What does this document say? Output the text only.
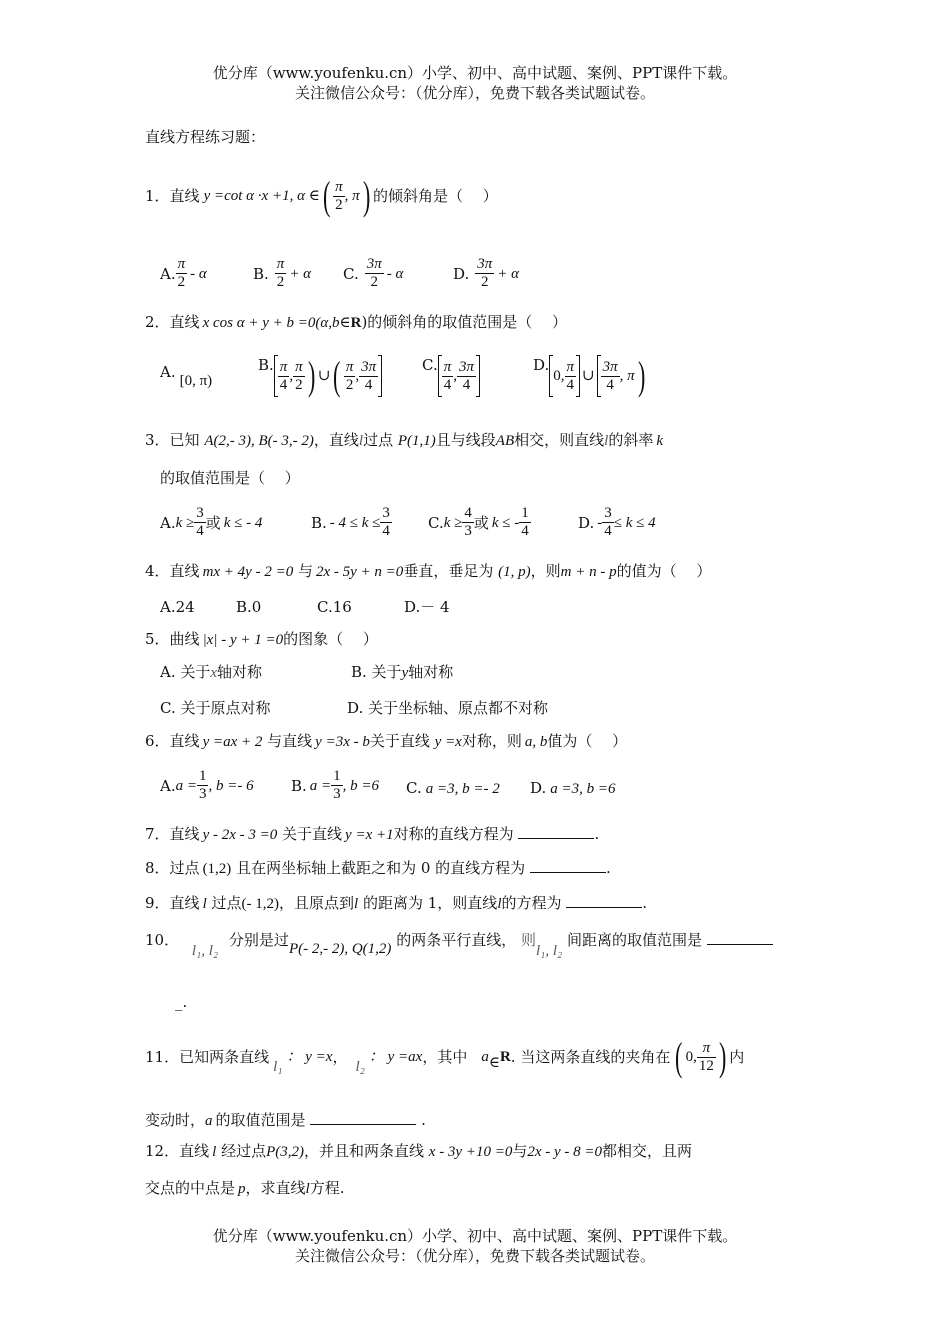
优分库（www.youfenku.cn）小学、初中、高中试题、案例、PPT课件下载。
关注微信公众号：（优分库），免费下载各类试题试卷。
直线方程练习题：
1． 直线 y =cot α ·x +1, α ∈ ( $\frac{\pi}{2}$ , π ) 的倾斜角是（　 ）
A. $\frac{\pi}{2}$ - α	B. $\frac{\pi}{2} + \alpha$ C. $\frac{3\pi}{2}$ - α	D. $\frac{3\pi}{2} + \alpha$
2．直线 x cos α + y + b =0(α,b∈R)的倾斜角的取值范围是（　 ）
A. [0, π)
B. $\frac{\pi}{4}$ , $\frac{\pi}{2}$ ) ∪ ( $\frac{\pi}{2}$ , $\frac{3\pi}{4}$	C. $\frac{\pi}{4}$ , $\frac{3\pi}{4}$	D.
0, $\frac{\pi}{4}$ ∪ $\frac{3\pi}{4}$ , π )
3．已知 A(2,- 3), B(- 3,- 2)，直线l过点 P(1,1)且与线段AB相交，则直线l的斜率 k
的取值范围是（　 ）
A. $k \ge \frac{3}{4}$ 或 k ≤ - 4	B. - $4 \le k \le \frac{3}{4} C$. $k \ge \frac{4}{3}$ 或 k ≤ - $\frac{1}{4}$	D. - $\frac{3}{4} \le k \le 4$
4．直线 mx + 4y - 2 =0 与 2x - 5y + n =0垂直，垂足为 (1, p)，则m + n - p的值为（　 ）
A.24	B.0	C.16	D.－ 4
5．曲线 |x| - y + 1 =0的图象（　 ）
A. 关于x轴对称	B. 关于y轴对称
C. 关于原点对称	D. 关于坐标轴、原点都不对称
6．直线 y =ax + 2 与直线 y =3x - b关于直线 y =x对称，则 a, b值为（　 ）
A. $a = \frac{1}{3}$ , b =- 6 B. $a = \frac{1}{3}$ , b =6 C. a =3, b =- 2 D. a =3, b =6
7．直线 y - 2x - 3 =0 关于直线 y =x +1对称的直线方程为	.
8．过点 (1,2) 且在两坐标轴上截距之和为 0 的直线方程为	.
9．直线 l 过点(- 1,2)，且原点到l 的距离为 1，则直线l的方程为	.
10． l₁, l₂ 分别是过P(- 2,- 2), Q(1,2) 的两条平行直线， 则l₁, l₂ 间距离的取值范围是
_.
11． 已知两条直线
l₁
： y =x ，
l₂
： y =ax ，其中 a ∈ R . 当这两条直线的夹角在 ( 0, $\frac{\pi}{12}$ ) 内
变动时，a 的取值范围是	.
12．直线 l 经过点P(3,2)，并且和两条直线 x - 3y +10 =0与2x - y - 8 =0都相交，且两
交点的中点是 p，求直线l方程.
优分库（www.youfenku.cn）小学、初中、高中试题、案例、PPT课件下载。
关注微信公众号：（优分库），免费下载各类试题试卷。
